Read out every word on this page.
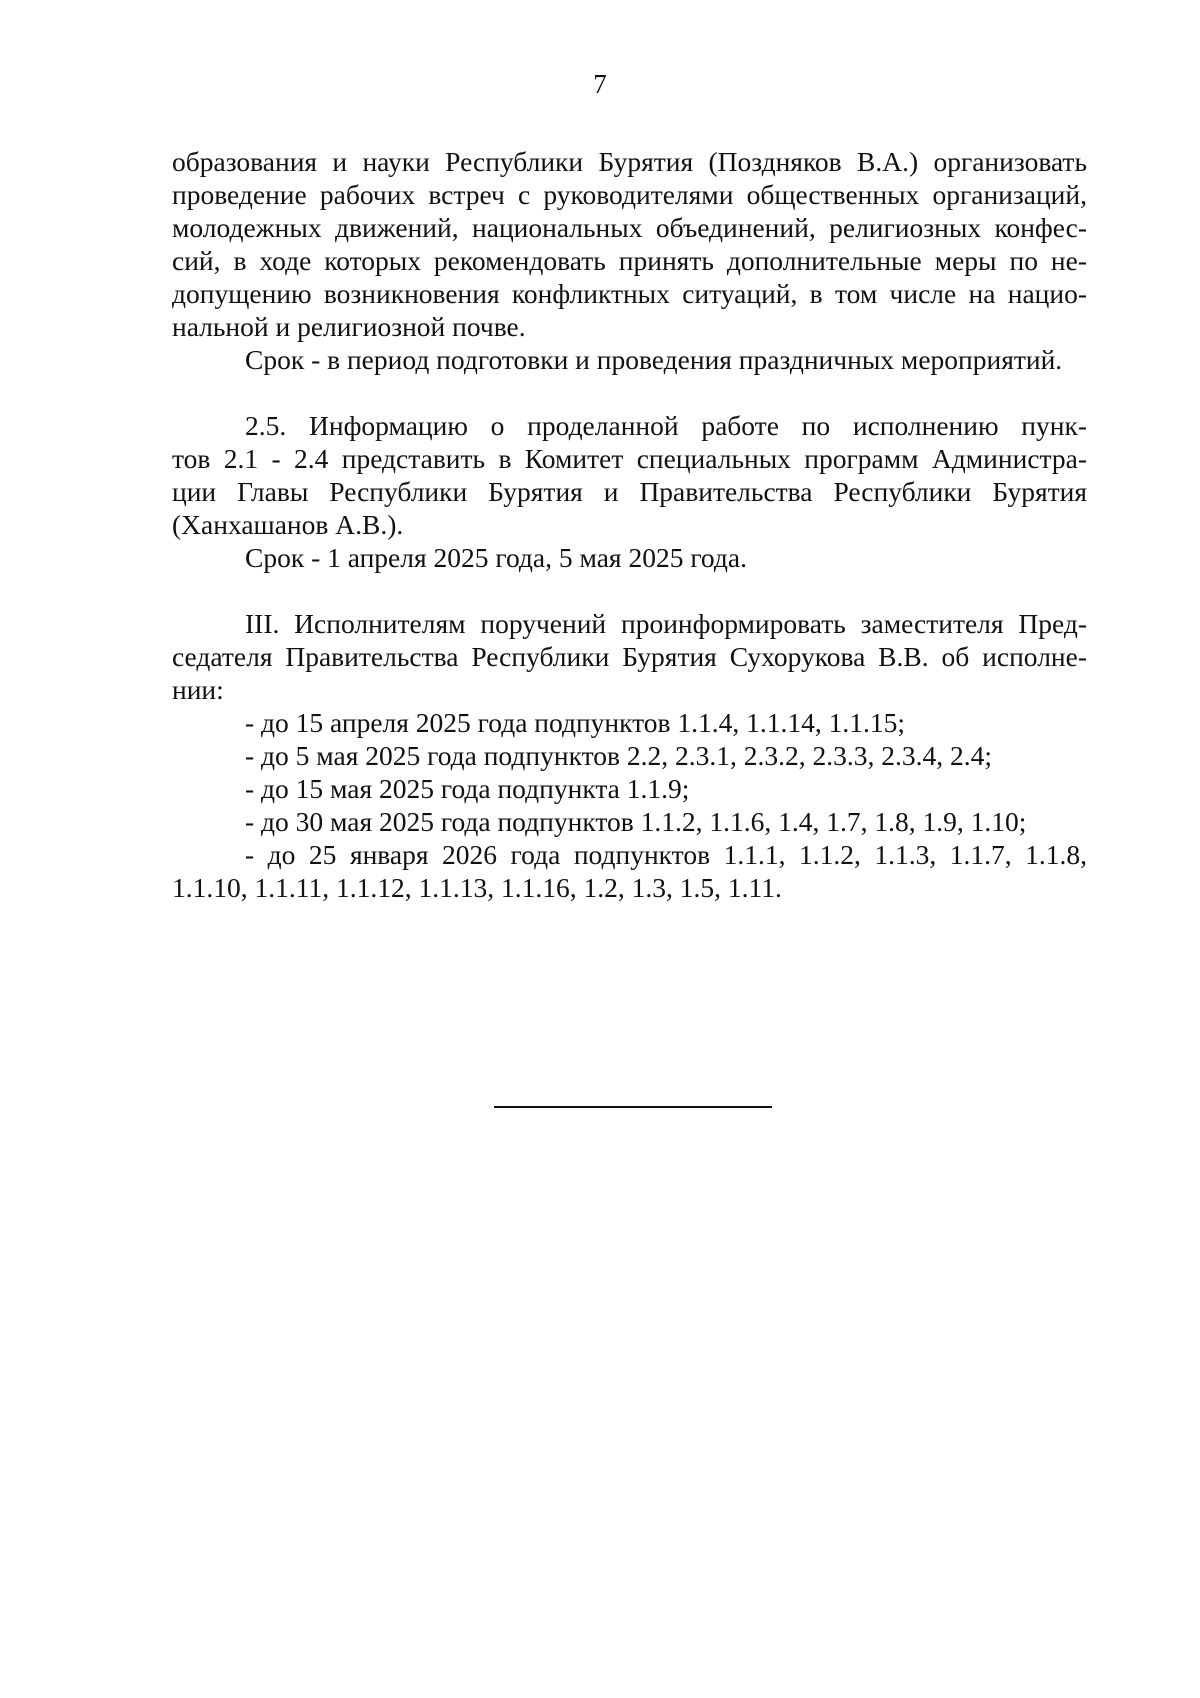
7
образования и науки Республики Бурятия (Поздняков В.А.) организовать
проведение рабочих встреч с руководителями общественных организаций,
молодежных движений, национальных объединений, религиозных конфес-
сий, в ходе которых рекомендовать принять дополнительные меры по не-
допущению возникновения конфликтных ситуаций, в том числе на нацио-
нальной и религиозной почве.
Срок - в период подготовки и проведения праздничных мероприятий.
2.5. Информацию о проделанной работе по исполнению пунк-
тов 2.1 - 2.4 представить в Комитет специальных программ Администра-
ции Главы Республики Бурятия и Правительства Республики Бурятия
(Ханхашанов А.В.).
Срок - 1 апреля 2025 года, 5 мая 2025 года.
III. Исполнителям поручений проинформировать заместителя Пред-
седателя Правительства Республики Бурятия Сухорукова В.В. об исполне-
нии:
- до 15 апреля 2025 года подпунктов 1.1.4, 1.1.14, 1.1.15;
- до 5 мая 2025 года подпунктов 2.2, 2.3.1, 2.3.2, 2.3.3, 2.3.4, 2.4;
- до 15 мая 2025 года подпункта 1.1.9;
- до 30 мая 2025 года подпунктов 1.1.2, 1.1.6, 1.4, 1.7, 1.8, 1.9, 1.10;
- до 25 января 2026 года подпунктов 1.1.1, 1.1.2, 1.1.3, 1.1.7, 1.1.8,
1.1.10, 1.1.11, 1.1.12, 1.1.13, 1.1.16, 1.2, 1.3, 1.5, 1.11.
